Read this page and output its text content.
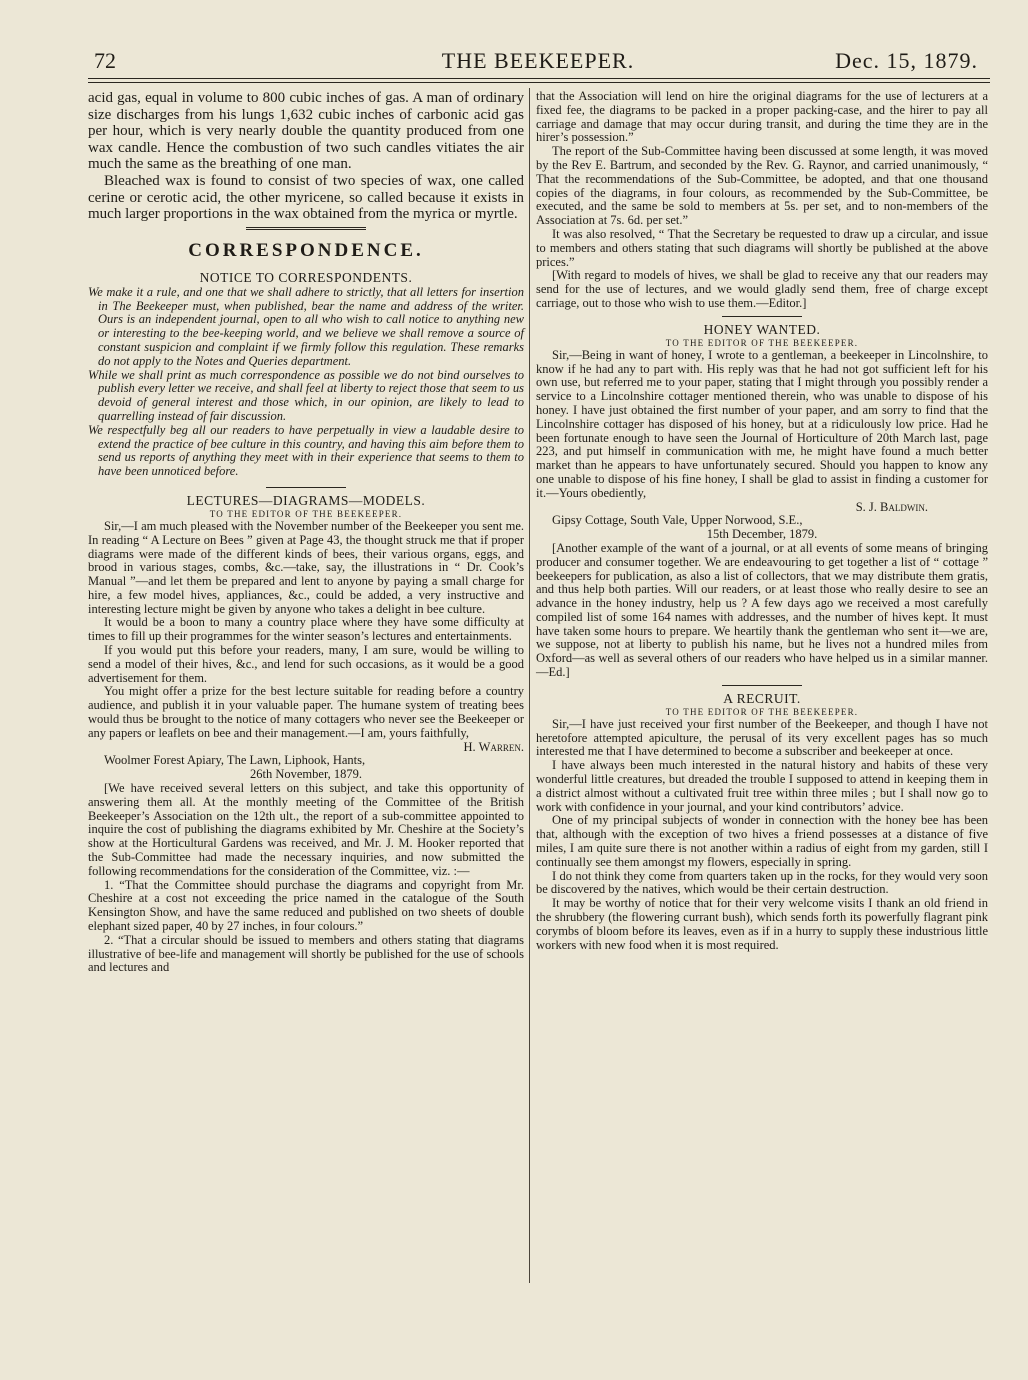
72	THE BEEKEEPER.	Dec. 15, 1879.

acid gas, equal in volume to 800 cubic inches of gas. A man of ordinary size discharges from his lungs 1,632 cubic inches of carbonic acid gas per hour, which is very nearly double the quantity produced from one wax candle. Hence the combustion of two such candles vitiates the air much the same as the breathing of one man.

Bleached wax is found to consist of two species of wax, one called cerine or cerotic acid, the other myricene, so called because it exists in much larger proportions in the wax obtained from the myrica or myrtle.

CORRESPONDENCE.
NOTICE TO CORRESPONDENTS.

We make it a rule, and one that we shall adhere to strictly, that all letters for insertion in The Beekeeper must, when published, bear the name and address of the writer. Ours is an independent journal, open to all who wish to call notice to anything new or interesting to the bee-keeping world, and we believe we shall remove a source of constant suspicion and complaint if we firmly follow this regulation. These remarks do not apply to the Notes and Queries department.

While we shall print as much correspondence as possible we do not bind ourselves to publish every letter we receive, and shall feel at liberty to reject those that seem to us devoid of general interest and those which, in our opinion, are likely to lead to quarrelling instead of fair discussion.

We respectfully beg all our readers to have perpetually in view a laudable desire to extend the practice of bee culture in this country, and having this aim before them to send us reports of anything they meet with in their experience that seems to them to have been unnoticed before.

LECTURES—DIAGRAMS—MODELS.
TO THE EDITOR OF THE BEEKEEPER.

Sir,—I am much pleased with the November number of the Beekeeper you sent me. In reading “ A Lecture on Bees ” given at Page 43, the thought struck me that if proper diagrams were made of the different kinds of bees, their various organs, eggs, and brood in various stages, combs, &c.—take, say, the illustrations in “ Dr. Cook’s Manual ”—and let them be prepared and lent to anyone by paying a small charge for hire, a few model hives, appliances, &c., could be added, a very instructive and interesting lecture might be given by anyone who takes a delight in bee culture.

It would be a boon to many a country place where they have some difficulty at times to fill up their programmes for the winter season’s lectures and entertainments.

If you would put this before your readers, many, I am sure, would be willing to send a model of their hives, &c., and lend for such occasions, as it would be a good advertisement for them.

You might offer a prize for the best lecture suitable for reading before a country audience, and publish it in your valuable paper. The humane system of treating bees would thus be brought to the notice of many cottagers who never see the Beekeeper or any papers or leaflets on bee and their management.—I am, yours faithfully,

H. Warren.

Woolmer Forest Apiary, The Lawn, Liphook, Hants,

26th November, 1879.

[We have received several letters on this subject, and take this opportunity of answering them all. At the monthly meeting of the Committee of the British Beekeeper’s Association on the 12th ult., the report of a sub-committee appointed to inquire the cost of publishing the diagrams exhibited by Mr. Cheshire at the Society’s show at the Horticultural Gardens was received, and Mr. J. M. Hooker reported that the Sub-Committee had made the necessary inquiries, and now submitted the following recommendations for the consideration of the Committee, viz. :—

1. “That the Committee should purchase the diagrams and copyright from Mr. Cheshire at a cost not exceeding the price named in the catalogue of the South Kensington Show, and have the same reduced and published on two sheets of double elephant sized paper, 40 by 27 inches, in four colours.”

2. “That a circular should be issued to members and others stating that diagrams illustrative of bee-life and management will shortly be published for the use of schools and lectures and

that the Association will lend on hire the original diagrams for the use of lecturers at a fixed fee, the diagrams to be packed in a proper packing-case, and the hirer to pay all carriage and damage that may occur during transit, and during the time they are in the hirer’s possession.”

The report of the Sub-Committee having been discussed at some length, it was moved by the Rev E. Bartrum, and seconded by the Rev. G. Raynor, and carried unanimously, “ That the recommendations of the Sub-Committee, be adopted, and that one thousand copies of the diagrams, in four colours, as recommended by the Sub-Committee, be executed, and the same be sold to members at 5s. per set, and to non-members of the Association at 7s. 6d. per set.”

It was also resolved, “ That the Secretary be requested to draw up a circular, and issue to members and others stating that such diagrams will shortly be published at the above prices.”

[With regard to models of hives, we shall be glad to receive any that our readers may send for the use of lectures, and we would gladly send them, free of charge except carriage, out to those who wish to use them.—Editor.]

HONEY WANTED.
TO THE EDITOR OF THE BEEKEEPER.

Sir,—Being in want of honey, I wrote to a gentleman, a beekeeper in Lincolnshire, to know if he had any to part with. His reply was that he had not got sufficient left for his own use, but referred me to your paper, stating that I might through you possibly render a service to a Lincolnshire cottager mentioned therein, who was unable to dispose of his honey. I have just obtained the first number of your paper, and am sorry to find that the Lincolnshire cottager has disposed of his honey, but at a ridiculously low price. Had he been fortunate enough to have seen the Journal of Horticulture of 20th March last, page 223, and put himself in communication with me, he might have found a much better market than he appears to have unfortunately secured. Should you happen to know any one unable to dispose of his fine honey, I shall be glad to assist in finding a customer for it.—Yours obediently,

S. J. Baldwin.

Gipsy Cottage, South Vale, Upper Norwood, S.E.,

15th December, 1879.

[Another example of the want of a journal, or at all events of some means of bringing producer and consumer together. We are endeavouring to get together a list of “ cottage ” beekeepers for publication, as also a list of collectors, that we may distribute them gratis, and thus help both parties. Will our readers, or at least those who really desire to see an advance in the honey industry, help us ? A few days ago we received a most carefully compiled list of some 164 names with addresses, and the number of hives kept. It must have taken some hours to prepare. We heartily thank the gentleman who sent it—we are, we suppose, not at liberty to publish his name, but he lives not a hundred miles from Oxford—as well as several others of our readers who have helped us in a similar manner.—Ed.]

A RECRUIT.
TO THE EDITOR OF THE BEEKEEPER.

Sir,—I have just received your first number of the Beekeeper, and though I have not heretofore attempted apiculture, the perusal of its very excellent pages has so much interested me that I have determined to become a subscriber and beekeeper at once.

I have always been much interested in the natural history and habits of these very wonderful little creatures, but dreaded the trouble I supposed to attend in keeping them in a district almost without a cultivated fruit tree within three miles ; but I shall now go to work with confidence in your journal, and your kind contributors’ advice.

One of my principal subjects of wonder in connection with the honey bee has been that, although with the exception of two hives a friend possesses at a distance of five miles, I am quite sure there is not another within a radius of eight from my garden, still I continually see them amongst my flowers, especially in spring.

I do not think they come from quarters taken up in the rocks, for they would very soon be discovered by the natives, which would be their certain destruction.

It may be worthy of notice that for their very welcome visits I thank an old friend in the shrubbery (the flowering currant bush), which sends forth its powerfully flagrant pink corymbs of bloom before its leaves, even as if in a hurry to supply these industrious little workers with new food when it is most required.
